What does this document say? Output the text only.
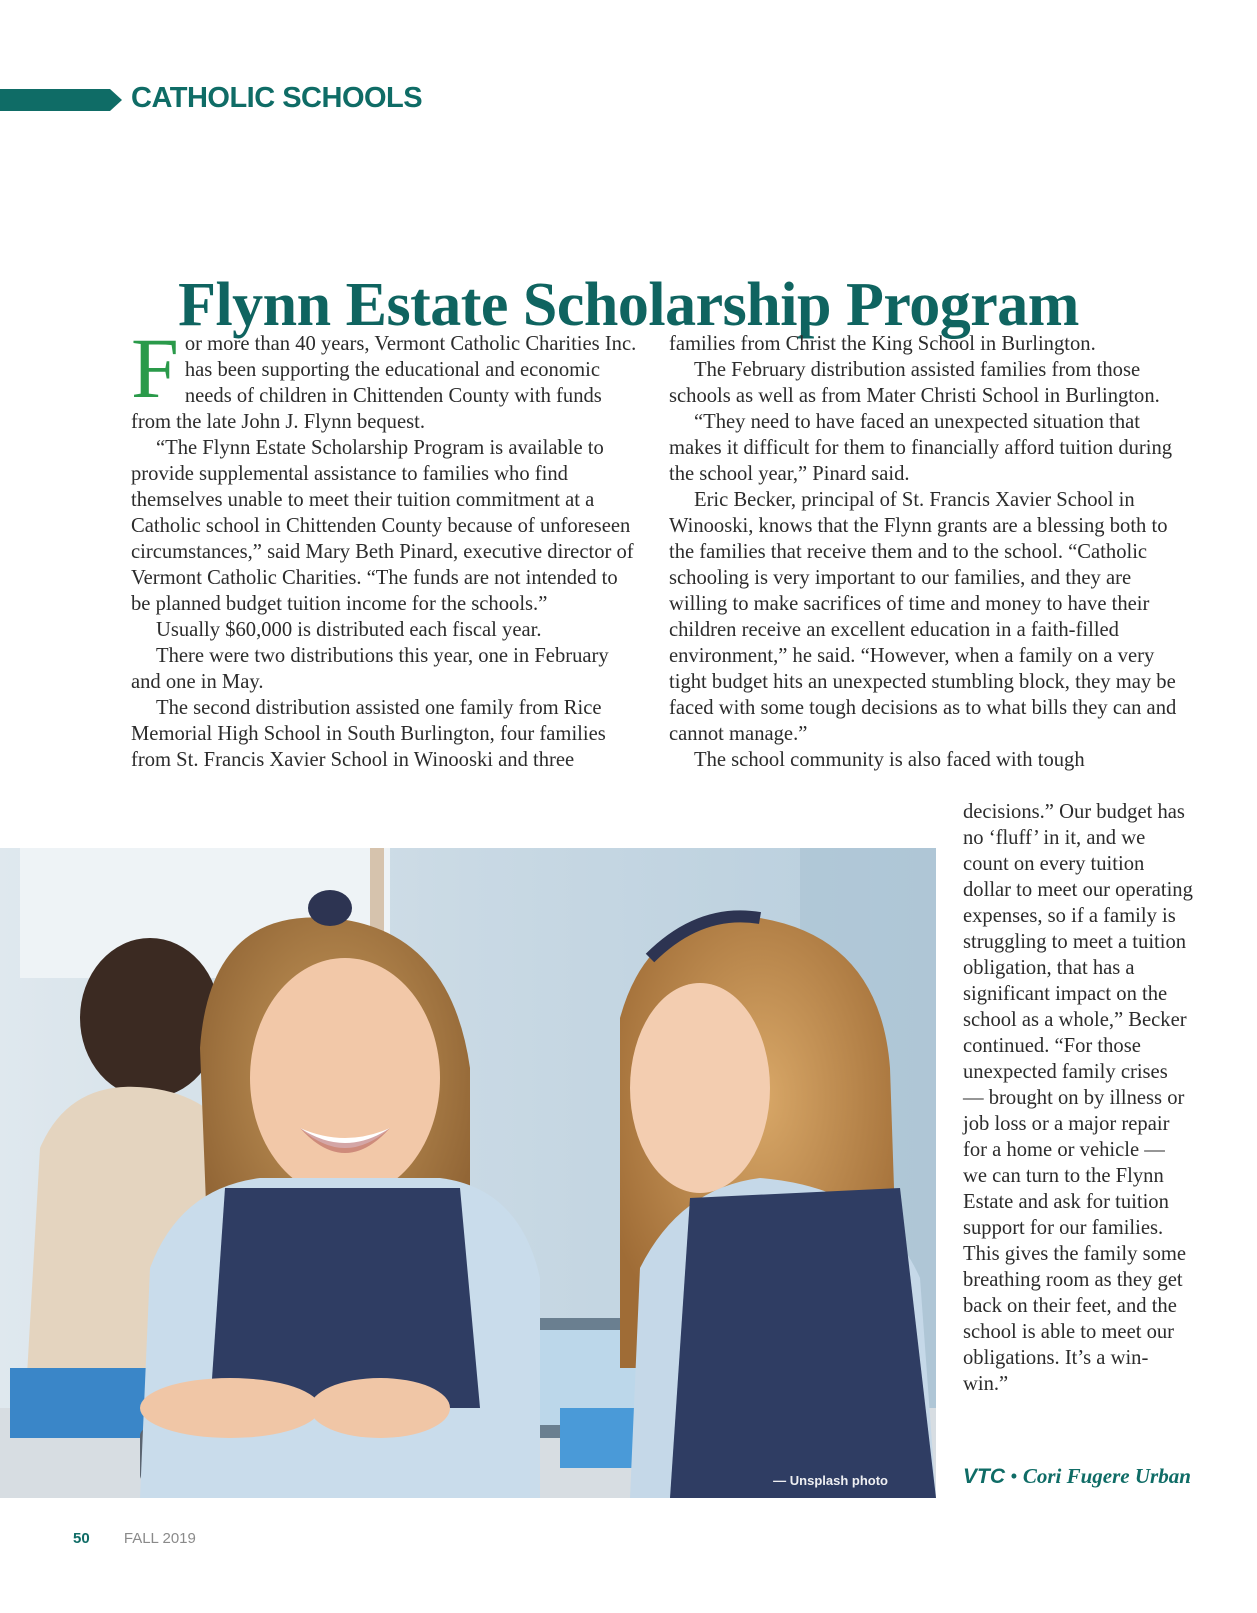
CATHOLIC SCHOOLS
Flynn Estate Scholarship Program

For more than 40 years, Vermont Catholic Charities Inc. has been supporting the educational and economic needs of children in Chittenden County with funds from the late John J. Flynn bequest.

“The Flynn Estate Scholarship Program is available to provide supplemental assistance to families who find themselves unable to meet their tuition commitment at a Catholic school in Chittenden County because of unforeseen circumstances,” said Mary Beth Pinard, executive director of Vermont Catholic Charities. “The funds are not intended to be planned budget tuition income for the schools.”

Usually $60,000 is distributed each fiscal year.

There were two distributions this year, one in February and one in May.

The second distribution assisted one family from Rice Memorial High School in South Burlington, four families from St. Francis Xavier School in Winooski and three

families from Christ the King School in Burlington.

The February distribution assisted families from those schools as well as from Mater Christi School in Burlington.

“They need to have faced an unexpected situation that makes it difficult for them to financially afford tuition during the school year,” Pinard said.

Eric Becker, principal of St. Francis Xavier School in Winooski, knows that the Flynn grants are a blessing both to the families that receive them and to the school. “Catholic schooling is very important to our families, and they are willing to make sacrifices of time and money to have their children receive an excellent education in a faith-filled environment,” he said. “However, when a family on a very tight budget hits an unexpected stumbling block, they may be faced with some tough decisions as to what bills they can and cannot manage.”

The school community is also faced with tough

decisions.” Our budget has no ‘fluff’ in it, and we count on every tuition dollar to meet our operating expenses, so if a family is struggling to meet a tuition obligation, that has a significant impact on the school as a whole,” Becker continued. “For those unexpected family crises — brought on by illness or job loss or a major repair for a home or vehicle — we can turn to the Flynn Estate and ask for tuition support for our families. This gives the family some breathing room as they get back on their feet, and the school is able to meet our obligations. It’s a win-win.”

— Unsplash photo	VTC • Cori Fugere Urban
50 FALL 2019
